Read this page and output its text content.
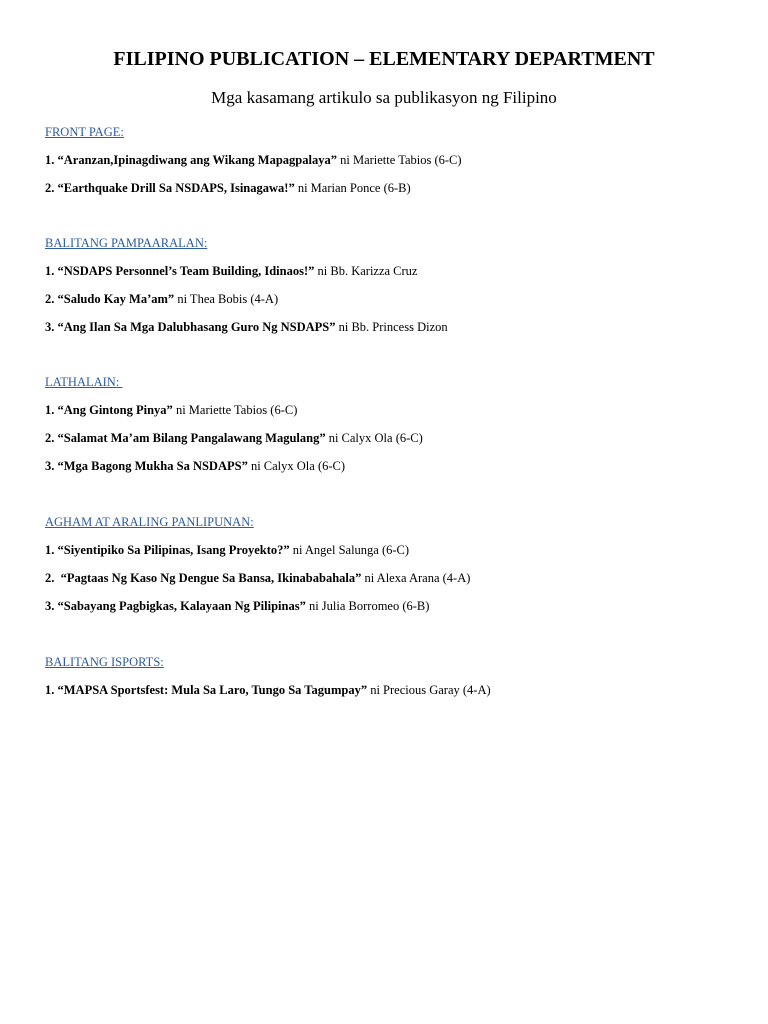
FILIPINO PUBLICATION – ELEMENTARY DEPARTMENT
Mga kasamang artikulo sa publikasyon ng Filipino
FRONT PAGE:
1. “Aranzan,Ipinagdiwang ang Wikang Mapagpalaya” ni Mariette Tabios (6-C)
2. “Earthquake Drill Sa NSDAPS, Isinagawa!” ni Marian Ponce (6-B)
BALITANG PAMPAARALAN:
1. “NSDAPS Personnel’s Team Building, Idinaos!” ni Bb. Karizza Cruz
2. “Saludo Kay Ma’am” ni Thea Bobis (4-A)
3. “Ang Ilan Sa Mga Dalubhasang Guro Ng NSDAPS” ni Bb. Princess Dizon
LATHALAIN:
1. “Ang Gintong Pinya” ni Mariette Tabios (6-C)
2. “Salamat Ma’am Bilang Pangalawang Magulang” ni Calyx Ola (6-C)
3. “Mga Bagong Mukha Sa NSDAPS” ni Calyx Ola (6-C)
AGHAM AT ARALING PANLIPUNAN:
1. “Siyentipiko Sa Pilipinas, Isang Proyekto?” ni Angel Salunga (6-C)
2.  “Pagtaas Ng Kaso Ng Dengue Sa Bansa, Ikinababahala” ni Alexa Arana (4-A)
3. “Sabayang Pagbigkas, Kalayaan Ng Pilipinas” ni Julia Borromeo (6-B)
BALITANG ISPORTS:
1. “MAPSA Sportsfest: Mula Sa Laro, Tungo Sa Tagumpay” ni Precious Garay (4-A)
